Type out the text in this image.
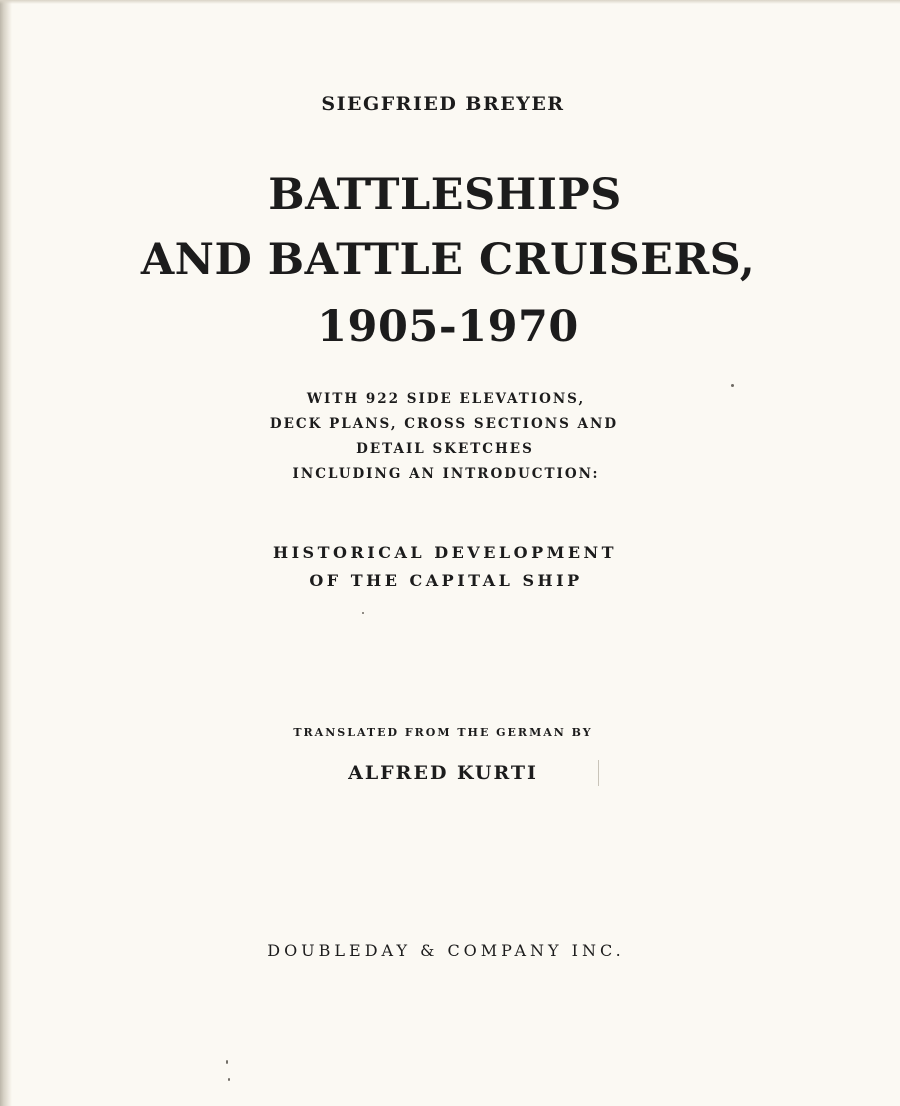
SIEGFRIED BREYER
BATTLESHIPS
AND BATTLE CRUISERS,
1905-1970
WITH 922 SIDE ELEVATIONS,
DECK PLANS, CROSS SECTIONS AND
DETAIL SKETCHES
INCLUDING AN INTRODUCTION:
HISTORICAL DEVELOPMENT
OF THE CAPITAL SHIP
TRANSLATED FROM THE GERMAN BY
ALFRED KURTI
DOUBLEDAY & COMPANY INC.
